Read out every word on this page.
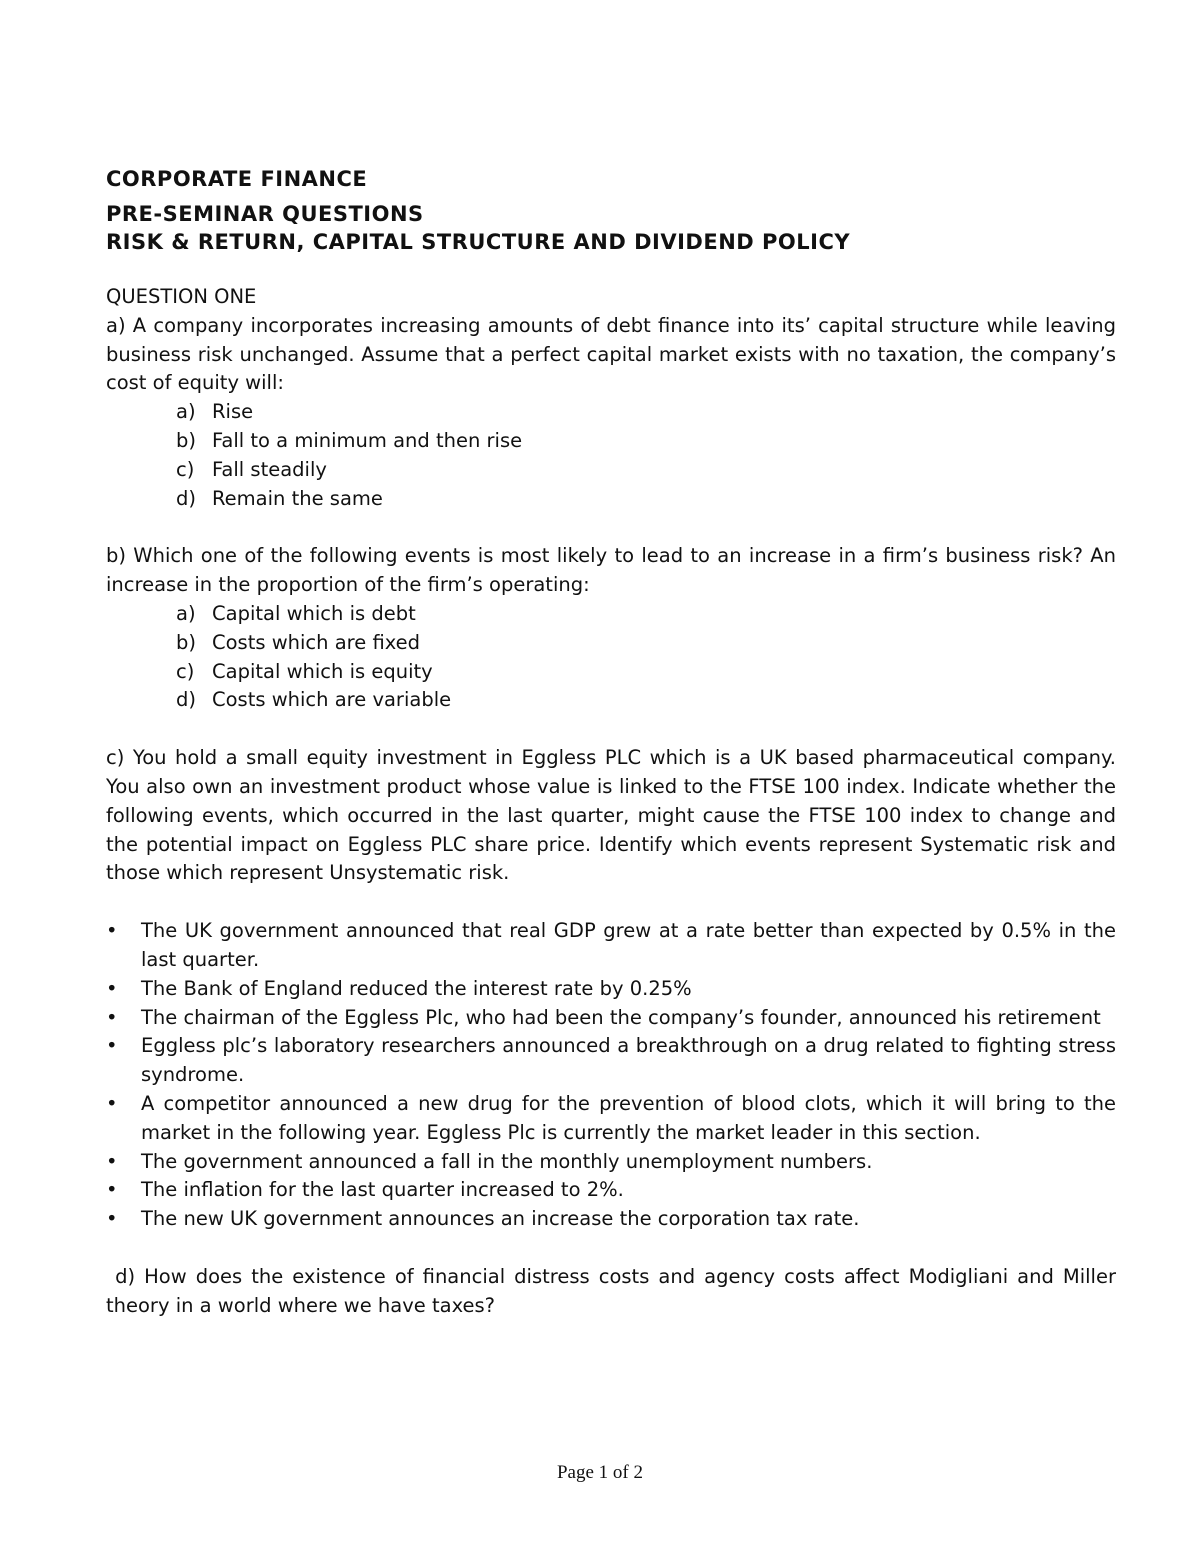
CORPORATE FINANCE

PRE-SEMINAR QUESTIONS

RISK & RETURN, CAPITAL STRUCTURE AND DIVIDEND POLICY

QUESTION ONE

a) A company incorporates increasing amounts of debt finance into its’ capital structure while leaving business risk unchanged. Assume that a perfect capital market exists with no taxation, the company’s cost of equity will:

a) Rise
b) Fall to a minimum and then rise
c) Fall steadily
d) Remain the same

b) Which one of the following events is most likely to lead to an increase in a firm’s business risk? An increase in the proportion of the firm’s operating:

a) Capital which is debt
b) Costs which are fixed
c) Capital which is equity
d) Costs which are variable

c) You hold a small equity investment in Eggless PLC which is a UK based pharmaceutical company. You also own an investment product whose value is linked to the FTSE 100 index. Indicate whether the following events, which occurred in the last quarter, might cause the FTSE 100 index to change and the potential impact on Eggless PLC share price. Identify which events represent Systematic risk and those which represent Unsystematic risk.

• The UK government announced that real GDP grew at a rate better than expected by 0.5% in the last quarter.
• The Bank of England reduced the interest rate by 0.25%
• The chairman of the Eggless Plc, who had been the company’s founder, announced his retirement
• Eggless plc’s laboratory researchers announced a breakthrough on a drug related to fighting stress syndrome.
• A competitor announced a new drug for the prevention of blood clots, which it will bring to the market in the following year. Eggless Plc is currently the market leader in this section.
• The government announced a fall in the monthly unemployment numbers.
• The inflation for the last quarter increased to 2%.
• The new UK government announces an increase the corporation tax rate.

d) How does the existence of financial distress costs and agency costs affect Modigliani and Miller theory in a world where we have taxes?

Page 1 of 2
